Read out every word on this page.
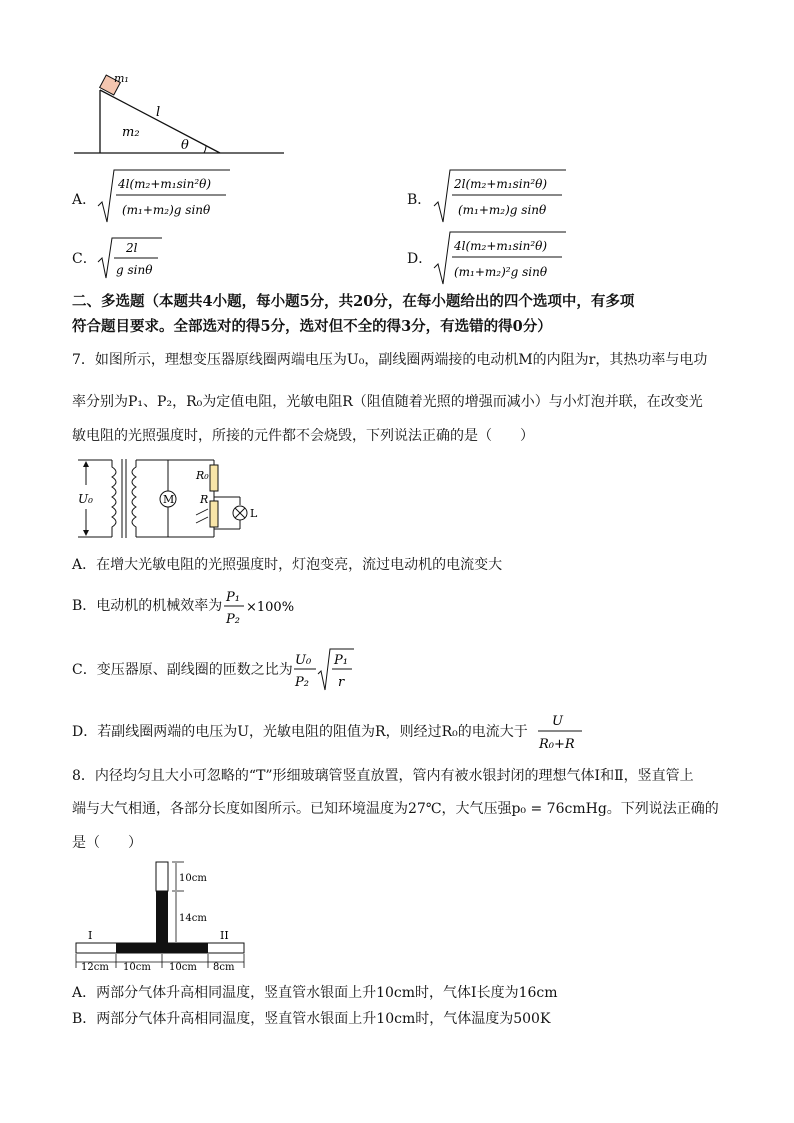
m₁
l
m₂
θ
A．
4l(m₂+m₁sin²θ)
(m₁+m₂)g sinθ
B．
2l(m₂+m₁sin²θ)
(m₁+m₂)g sinθ
C．
2l
g sinθ
D．
4l(m₂+m₁sin²θ)
(m₁+m₂)²g sinθ
二、多选题（本题共4小题，每小题5分，共20分，在每小题给出的四个选项中，有多项
符合题目要求。全部选对的得5分，选对但不全的得3分，有选错的得0分）
7．如图所示，理想变压器原线圈两端电压为U₀，副线圈两端接的电动机M的内阻为r，其热功率与电功
率分别为P₁、P₂，R₀为定值电阻，光敏电阻R（阻值随着光照的增强而减小）与小灯泡并联，在改变光
敏电阻的光照强度时，所接的元件都不会烧毁，下列说法正确的是（　　）
U₀	M
R₀
R
L
A．在增大光敏电阻的光照强度时，灯泡变亮，流过电动机的电流变大
B．电动机的机械效率为
P₁
P₂
×100%
C．变压器原、副线圈的匝数之比为
U₀
P₂
P₁
r
D．若副线圈两端的电压为U，光敏电阻的阻值为R，则经过R₀的电流大于
U
R₀+R
8．内径均匀且大小可忽略的“T”形细玻璃管竖直放置，管内有被水银封闭的理想气体Ⅰ和Ⅱ，竖直管上
端与大气相通，各部分长度如图所示。已知环境温度为27℃，大气压强p₀ = 76cmHg。下列说法正确的
是（　　）
I	II
10cm
14cm
12cm 10cm 10cm 8cm
A．两部分气体升高相同温度，竖直管水银面上升10cm时，气体Ⅰ长度为16cm
B．两部分气体升高相同温度，竖直管水银面上升10cm时，气体温度为500K
